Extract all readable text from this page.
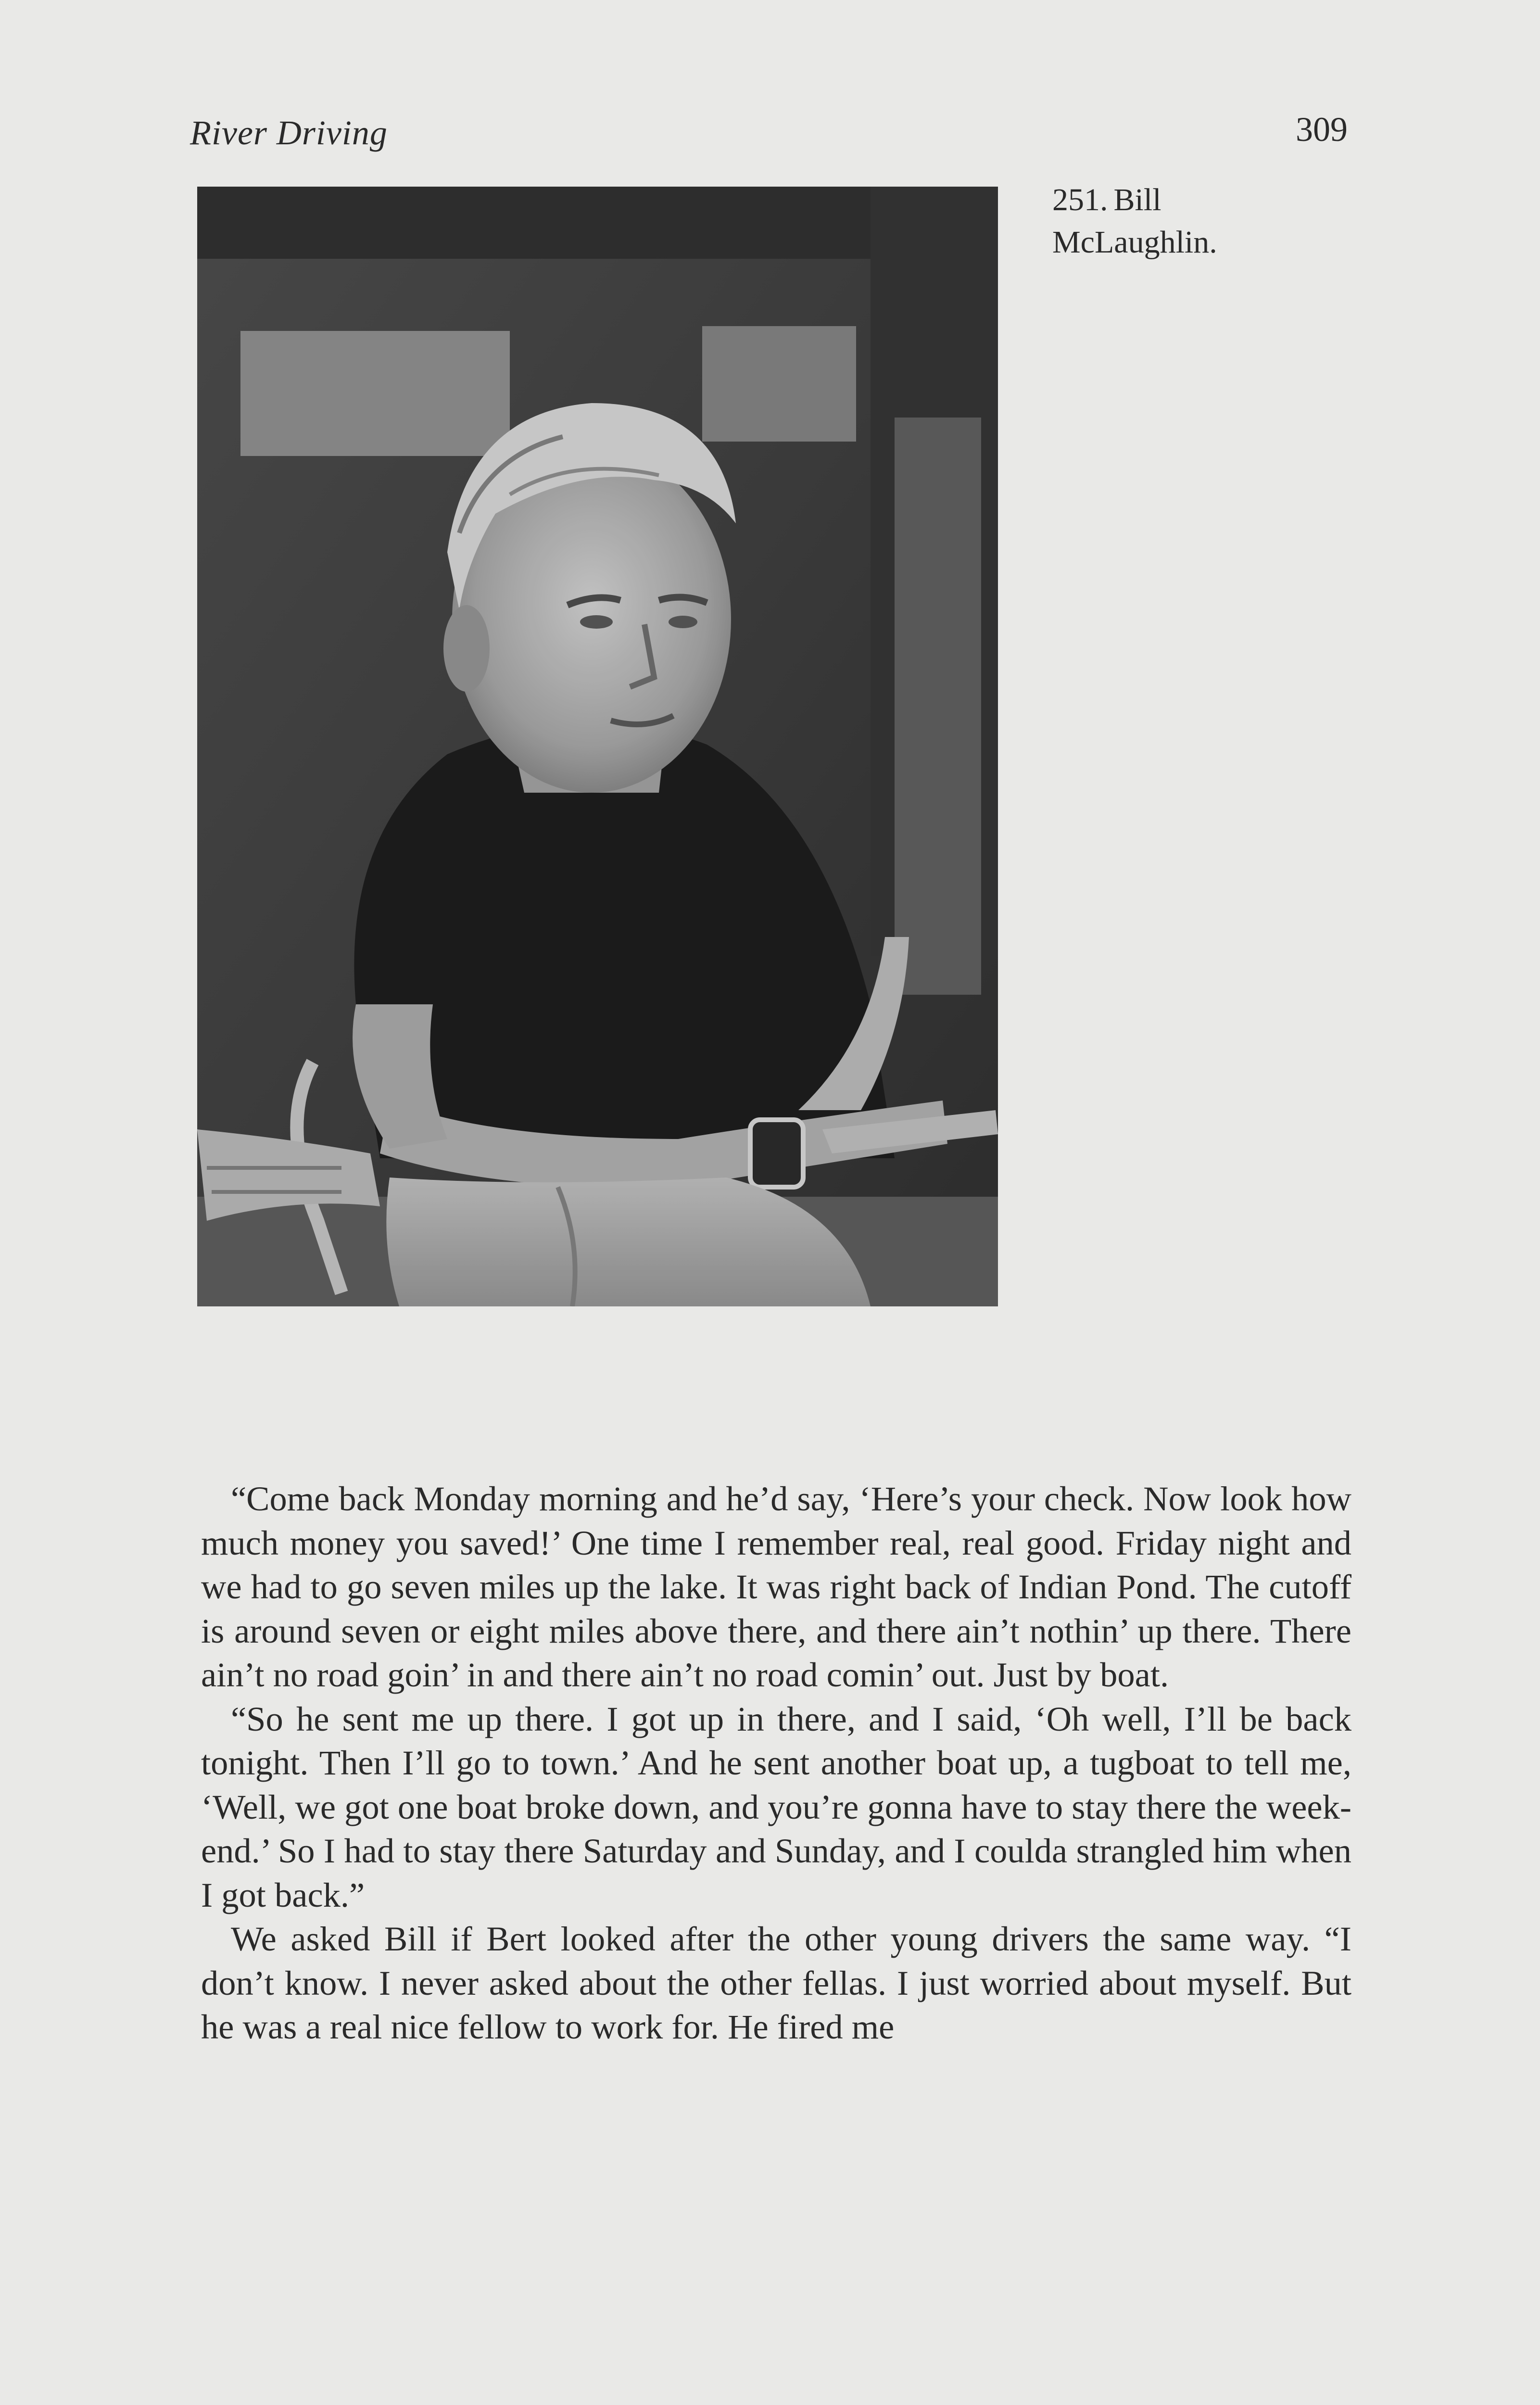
River Driving	309
251. Bill McLaughlin.

“Come back Monday morning and he’d say, ‘Here’s your check. Now look how much money you saved!’ One time I remember real, real good. Friday night and we had to go seven miles up the lake. It was right back of Indian Pond. The cutoff is around seven or eight miles above there, and there ain’t nothin’ up there. There ain’t no road goin’ in and there ain’t no road comin’ out. Just by boat.

“So he sent me up there. I got up in there, and I said, ‘Oh well, I’ll be back tonight. Then I’ll go to town.’ And he sent another boat up, a tugboat to tell me, ‘Well, we got one boat broke down, and you’re gonna have to stay there the week-end.’ So I had to stay there Saturday and Sunday, and I coulda strangled him when I got back.”

We asked Bill if Bert looked after the other young drivers the same way. “I don’t know. I never asked about the other fellas. I just worried about myself. But he was a real nice fellow to work for. He fired me
